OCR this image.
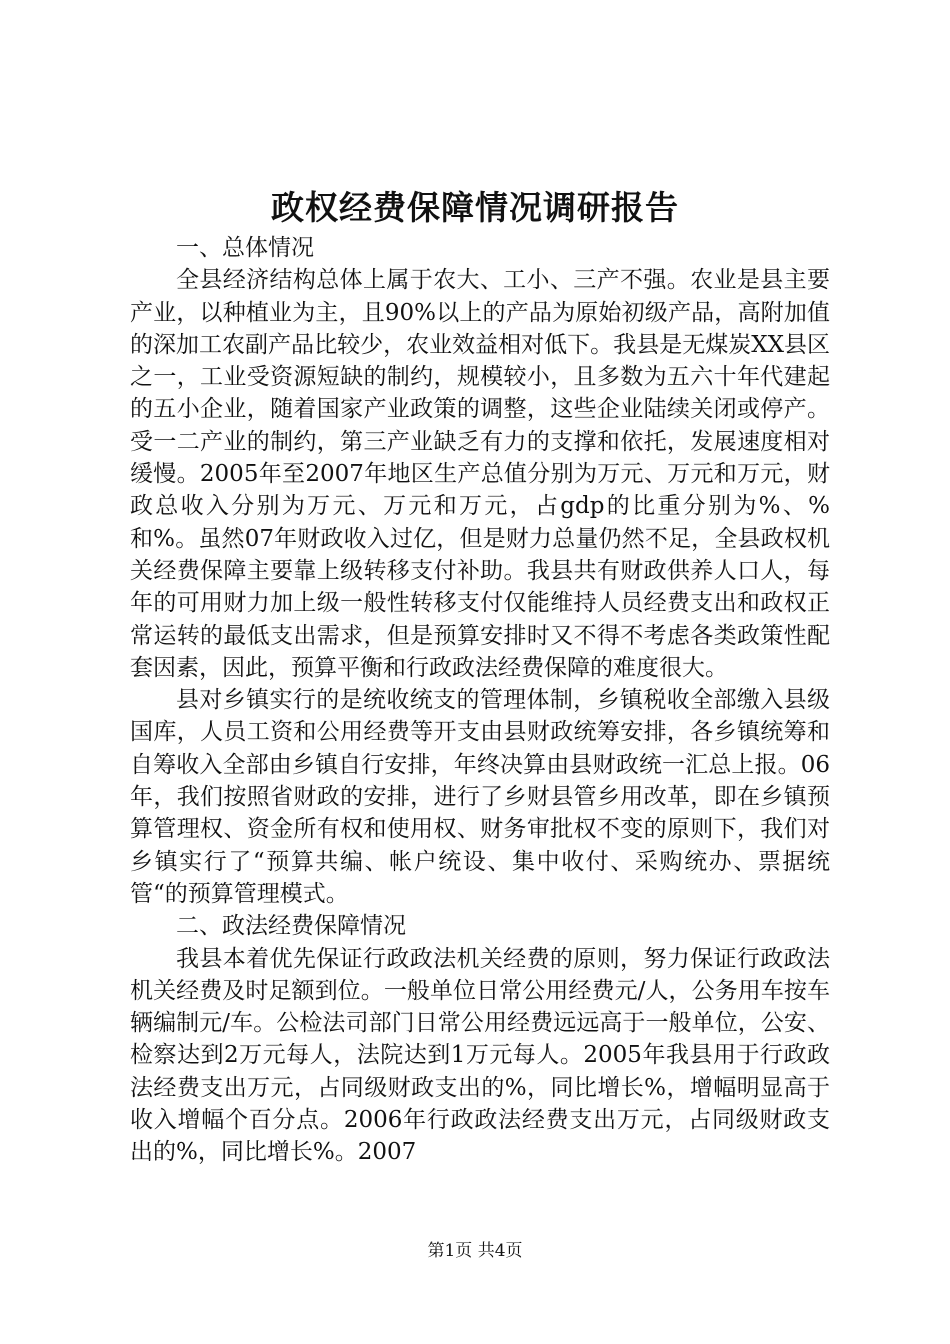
政权经费保障情况调研报告
一、总体情况

全县经济结构总体上属于农大、工小、三产不强。农业是县主要产业，以种植业为主，且90%以上的产品为原始初级产品，高附加值的深加工农副产品比较少，农业效益相对低下。我县是无煤炭XX县区之一，工业受资源短缺的制约，规模较小，且多数为五六十年代建起的五小企业，随着国家产业政策的调整，这些企业陆续关闭或停产。受一二产业的制约，第三产业缺乏有力的支撑和依托，发展速度相对缓慢。2005年至2007年地区生产总值分别为万元、万元和万元，财政总收入分别为万元、万元和万元，占gdp的比重分别为%、%和%。虽然07年财政收入过亿，但是财力总量仍然不足，全县政权机关经费保障主要靠上级转移支付补助。我县共有财政供养人口人，每年的可用财力加上级一般性转移支付仅能维持人员经费支出和政权正常运转的最低支出需求，但是预算安排时又不得不考虑各类政策性配套因素，因此，预算平衡和行政政法经费保障的难度很大。

县对乡镇实行的是统收统支的管理体制，乡镇税收全部缴入县级国库，人员工资和公用经费等开支由县财政统筹安排，各乡镇统筹和自筹收入全部由乡镇自行安排，年终决算由县财政统一汇总上报。06年，我们按照省财政的安排，进行了乡财县管乡用改革，即在乡镇预算管理权、资金所有权和使用权、财务审批权不变的原则下，我们对乡镇实行了“预算共编、帐户统设、集中收付、采购统办、票据统管“的预算管理模式。

二、政法经费保障情况

我县本着优先保证行政政法机关经费的原则，努力保证行政政法机关经费及时足额到位。一般单位日常公用经费元/人，公务用车按车辆编制元/车。公检法司部门日常公用经费远远高于一般单位，公安、检察达到2万元每人，法院达到1万元每人。2005年我县用于行政政法经费支出万元，占同级财政支出的%，同比增长%，增幅明显高于收入增幅个百分点。2006年行政政法经费支出万元，占同级财政支出的%，同比增长%。2007

第1页 共4页
